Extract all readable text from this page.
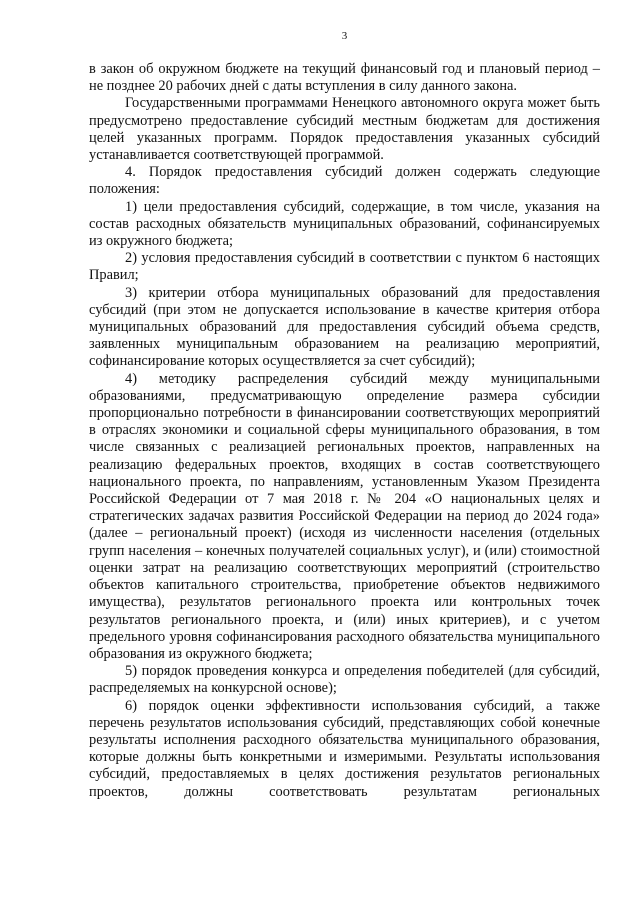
3

в закон об окружном бюджете на текущий финансовый год и плановый период – не позднее 20 рабочих дней с даты вступления в силу данного закона.

Государственными программами Ненецкого автономного округа может быть предусмотрено предоставление субсидий местным бюджетам для достижения целей указанных программ. Порядок предоставления указанных субсидий устанавливается соответствующей программой.

4. Порядок предоставления субсидий должен содержать следующие положения:

1) цели предоставления субсидий, содержащие, в том числе, указания на состав расходных обязательств муниципальных образований, софинансируемых из окружного бюджета;

2) условия предоставления субсидий в соответствии с пунктом 6 настоящих Правил;

3) критерии отбора муниципальных образований для предоставления субсидий (при этом не допускается использование в качестве критерия отбора муниципальных образований для предоставления субсидий объема средств, заявленных муниципальным образованием на реализацию мероприятий, софинансирование которых осуществляется за счет субсидий);

4) методику распределения субсидий между муниципальными образованиями, предусматривающую определение размера субсидии пропорционально потребности в финансировании соответствующих мероприятий в отраслях экономики и социальной сферы муниципального образования, в том числе связанных с реализацией региональных проектов, направленных на реализацию федеральных проектов, входящих в состав соответствующего национального проекта, по направлениям, установленным Указом Президента Российской Федерации от 7 мая 2018 г. № 204 «О национальных целях и стратегических задачах развития Российской Федерации на период до 2024 года» (далее – региональный проект) (исходя из численности населения (отдельных групп населения – конечных получателей социальных услуг), и (или) стоимостной оценки затрат на реализацию соответствующих мероприятий (строительство объектов капитального строительства, приобретение объектов недвижимого имущества), результатов регионального проекта или контрольных точек результатов регионального проекта, и (или) иных критериев), и с учетом предельного уровня софинансирования расходного обязательства муниципального образования из окружного бюджета;

5) порядок проведения конкурса и определения победителей (для субсидий, распределяемых на конкурсной основе);

6) порядок оценки эффективности использования субсидий, а также перечень результатов использования субсидий, представляющих собой конечные результаты исполнения расходного обязательства муниципального образования, которые должны быть конкретными и измеримыми. Результаты использования субсидий, предоставляемых в целях достижения результатов региональных проектов, должны соответствовать результатам региональных
